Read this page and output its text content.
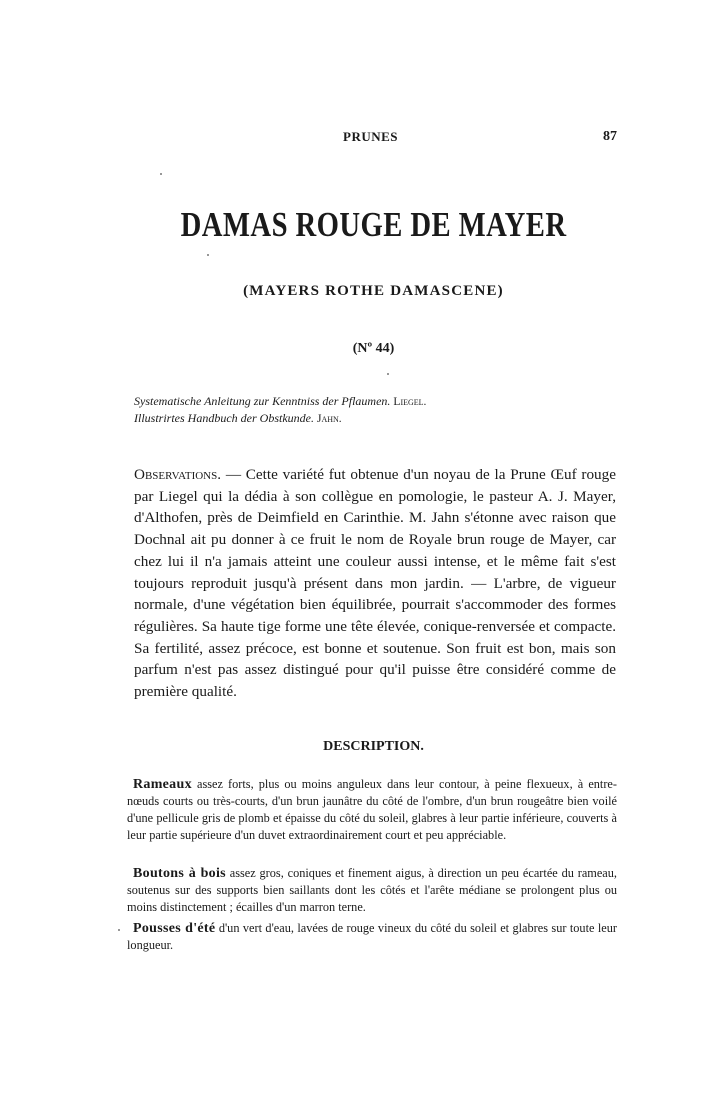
PRUNES	87
DAMAS ROUGE DE MAYER
(MAYERS ROTHE DAMASCENE)
(Nº 44)
Systematische Anleitung zur Kenntniss der Pflaumen. Liegel.
Illustrirtes Handbuch der Obstkunde. Jahn.
Observations. — Cette variété fut obtenue d'un noyau de la Prune Œuf rouge par Liegel qui la dédia à son collègue en pomologie, le pasteur A. J. Mayer, d'Althofen, près de Deimfield en Carinthie. M. Jahn s'étonne avec raison que Dochnal ait pu donner à ce fruit le nom de Royale brun rouge de Mayer, car chez lui il n'a jamais atteint une couleur aussi intense, et le même fait s'est toujours reproduit jusqu'à présent dans mon jardin. — L'arbre, de vigueur normale, d'une végétation bien équilibrée, pourrait s'accommoder des formes régulières. Sa haute tige forme une tête élevée, conique-renversée et compacte. Sa fertilité, assez précoce, est bonne et soutenue. Son fruit est bon, mais son parfum n'est pas assez distingué pour qu'il puisse être considéré comme de première qualité.
DESCRIPTION.
Rameaux assez forts, plus ou moins anguleux dans leur contour, à peine flexueux, à entre-nœuds courts ou très-courts, d'un brun jaunâtre du côté de l'ombre, d'un brun rougeâtre bien voilé d'une pellicule gris de plomb et épaisse du côté du soleil, glabres à leur partie inférieure, couverts à leur partie supérieure d'un duvet extraordinairement court et peu appréciable.
Boutons à bois assez gros, coniques et finement aigus, à direction un peu écartée du rameau, soutenus sur des supports bien saillants dont les côtés et l'arête médiane se prolongent plus ou moins distinctement ; écailles d'un marron terne.
Pousses d'été d'un vert d'eau, lavées de rouge vineux du côté du soleil et glabres sur toute leur longueur.
